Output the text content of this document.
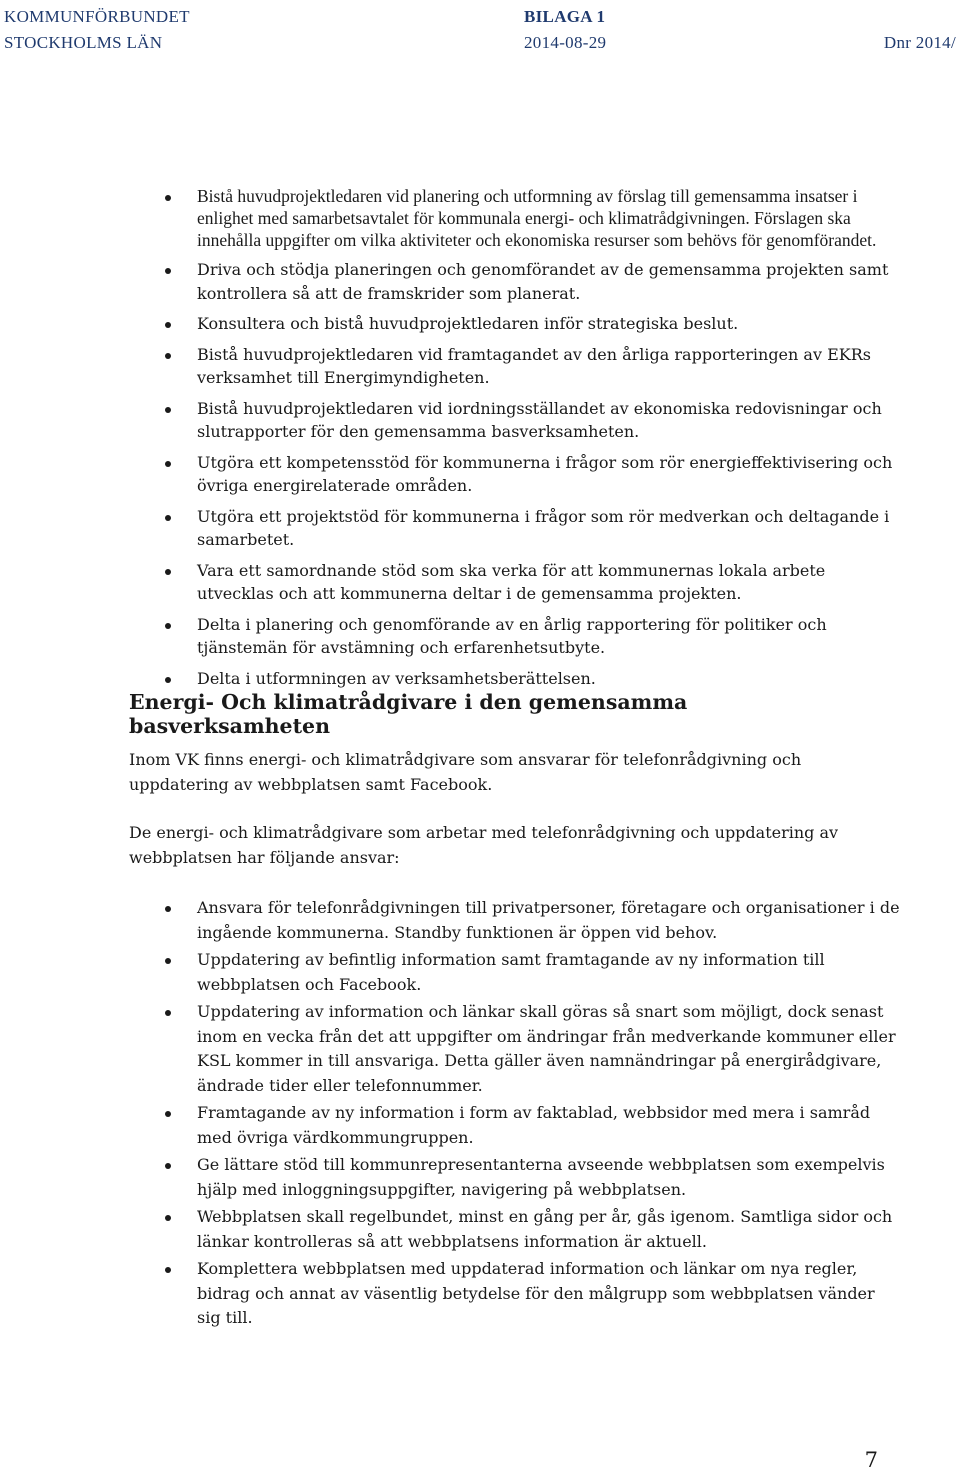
KOMMUNFÖRBUNDET
STOCKHOLMS LÄN
BILAGA 1
2014-08-29	Dnr 2014/
Bistå huvudprojektledaren vid planering och utformning av förslag till gemensamma insatser i enlighet med samarbetsavtalet för kommunala energi- och klimatrådgivningen. Förslagen ska innehålla uppgifter om vilka aktiviteter och ekonomiska resurser som behövs för genomförandet.
Driva och stödja planeringen och genomförandet av de gemensamma projekten samt kontrollera så att de framskrider som planerat.
Konsultera och bistå huvudprojektledaren inför strategiska beslut.
Bistå huvudprojektledaren vid framtagandet av den årliga rapporteringen av EKRs verksamhet till Energimyndigheten.
Bistå huvudprojektledaren vid iordningsställandet av ekonomiska redovisningar och slutrapporter för den gemensamma basverksamheten.
Utgöra ett kompetensstöd för kommunerna i frågor som rör energieffektivisering och övriga energirelaterade områden.
Utgöra ett projektstöd för kommunerna i frågor som rör medverkan och deltagande i samarbetet.
Vara ett samordnande stöd som ska verka för att kommunernas lokala arbete utvecklas och att kommunerna deltar i de gemensamma projekten.
Delta i planering och genomförande av en årlig rapportering för politiker och tjänstemän för avstämning och erfarenhetsutbyte.
Delta i utformningen av verksamhetsberättelsen.
Energi- Och klimatrådgivare i den gemensamma basverksamheten

Inom VK finns energi- och klimatrådgivare som ansvarar för telefonrådgivning och uppdatering av webbplatsen samt Facebook.

De energi- och klimatrådgivare som arbetar med telefonrådgivning och uppdatering av webbplatsen har följande ansvar:

Ansvara för telefonrådgivningen till privatpersoner, företagare och organisationer i de ingående kommunerna. Standby funktionen är öppen vid behov.
Uppdatering av befintlig information samt framtagande av ny information till webbplatsen och Facebook.
Uppdatering av information och länkar skall göras så snart som möjligt, dock senast inom en vecka från det att uppgifter om ändringar från medverkande kommuner eller KSL kommer in till ansvariga. Detta gäller även namnändringar på energirådgivare, ändrade tider eller telefonnummer.
Framtagande av ny information i form av faktablad, webbsidor med mera i samråd med övriga värdkommungruppen.
Ge lättare stöd till kommunrepresentanterna avseende webbplatsen som exempelvis hjälp med inloggningsuppgifter, navigering på webbplatsen.
Webbplatsen skall regelbundet, minst en gång per år, gås igenom. Samtliga sidor och länkar kontrolleras så att webbplatsens information är aktuell.
Komplettera webbplatsen med uppdaterad information och länkar om nya regler, bidrag och annat av väsentlig betydelse för den målgrupp som webbplatsen vänder sig till.
7
